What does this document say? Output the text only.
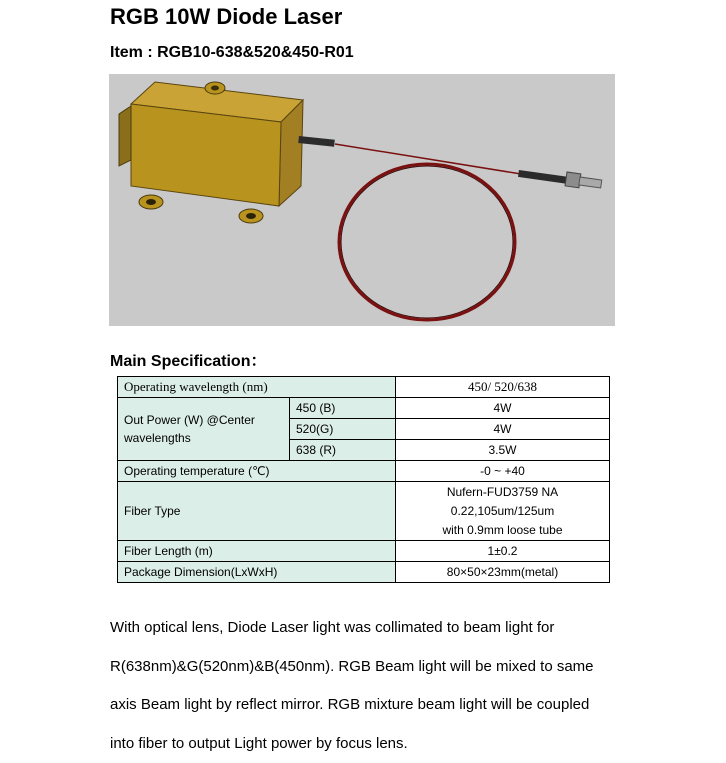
RGB 10W Diode Laser
Item : RGB10-638&520&450-R01
Main Specification：
Operating wavelength (nm)		450/ 520/638
Out Power (W) @Center wavelengths	450 (B)	4W
	520(G)	4W
	638 (R)	3.5W
Operating temperature (℃)		-0 ~ +40
Fiber Type		Nufern-FUD3759 NA
0.22,105um/125um
with 0.9mm loose tube

Fiber Length (m)		1±0.2
Package Dimension(LxWxH)		80×50×23mm(metal)
With optical lens, Diode Laser light was collimated to beam light for
R(638nm)&G(520nm)&B(450nm). RGB Beam light will be mixed to same
axis Beam light by reflect mirror. RGB mixture beam light will be coupled
into fiber to output Light power by focus lens.
